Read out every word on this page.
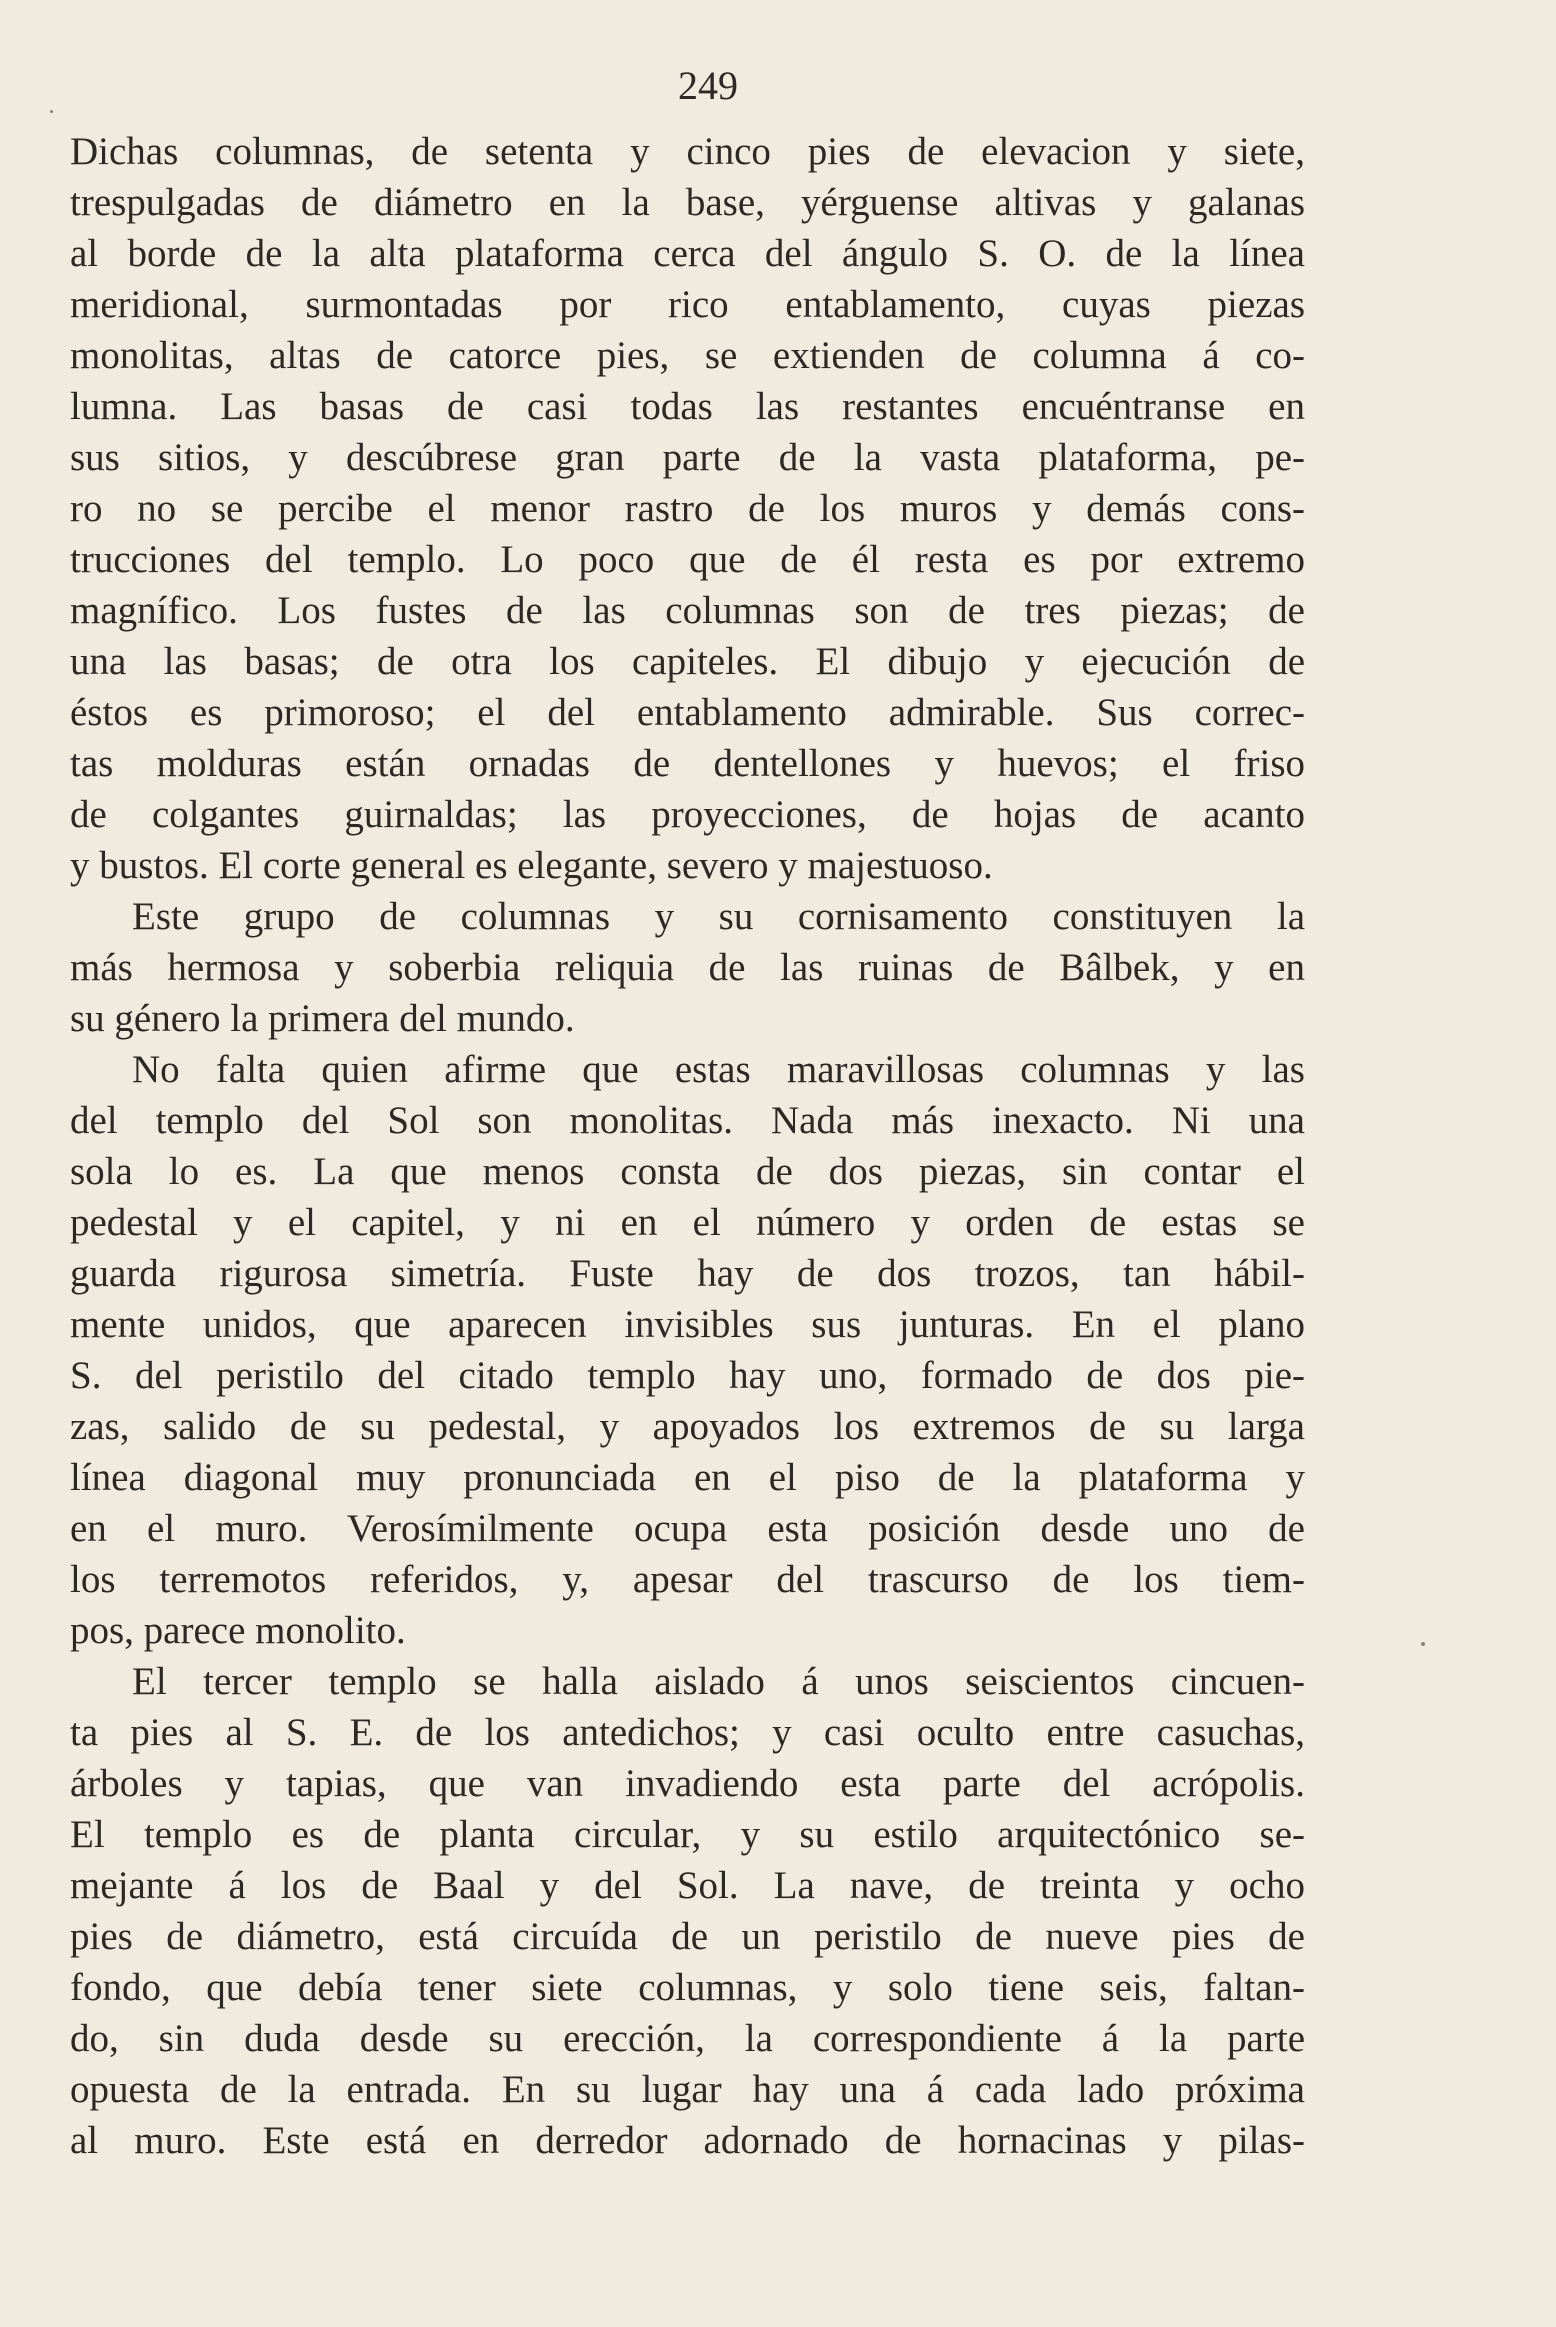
249
Dichas columnas, de setenta y cinco pies de elevacion y siete,
trespulgadas de diámetro en la base, yérguense altivas y galanas
al borde de la alta plataforma cerca del ángulo S. O. de la línea
meridional, surmontadas por rico entablamento, cuyas piezas
monolitas, altas de catorce pies, se extienden de columna á co-
lumna. Las basas de casi todas las restantes encuéntranse en
sus sitios, y descúbrese gran parte de la vasta plataforma, pe-
ro no se percibe el menor rastro de los muros y demás cons-
trucciones del templo. Lo poco que de él resta es por extremo
magnífico. Los fustes de las columnas son de tres piezas; de
una las basas; de otra los capiteles. El dibujo y ejecución de
éstos es primoroso; el del entablamento admirable. Sus correc-
tas molduras están ornadas de dentellones y huevos; el friso
de colgantes guirnaldas; las proyecciones, de hojas de acanto
y bustos. El corte general es elegante, severo y majestuoso.
Este grupo de columnas y su cornisamento constituyen la
más hermosa y soberbia reliquia de las ruinas de Bâlbek, y en
su género la primera del mundo.
No falta quien afirme que estas maravillosas columnas y las
del templo del Sol son monolitas. Nada más inexacto. Ni una
sola lo es. La que menos consta de dos piezas, sin contar el
pedestal y el capitel, y ni en el número y orden de estas se
guarda rigurosa simetría. Fuste hay de dos trozos, tan hábil-
mente unidos, que aparecen invisibles sus junturas. En el plano
S. del peristilo del citado templo hay uno, formado de dos pie-
zas, salido de su pedestal, y apoyados los extremos de su larga
línea diagonal muy pronunciada en el piso de la plataforma y
en el muro. Verosímilmente ocupa esta posición desde uno de
los terremotos referidos, y, apesar del trascurso de los tiem-
pos, parece monolito.
El tercer templo se halla aislado á unos seiscientos cincuen-
ta pies al S. E. de los antedichos; y casi oculto entre casuchas,
árboles y tapias, que van invadiendo esta parte del acrópolis.
El templo es de planta circular, y su estilo arquitectónico se-
mejante á los de Baal y del Sol. La nave, de treinta y ocho
pies de diámetro, está circuída de un peristilo de nueve pies de
fondo, que debía tener siete columnas, y solo tiene seis, faltan-
do, sin duda desde su erección, la correspondiente á la parte
opuesta de la entrada. En su lugar hay una á cada lado próxima
al muro. Este está en derredor adornado de hornacinas y pilas-
